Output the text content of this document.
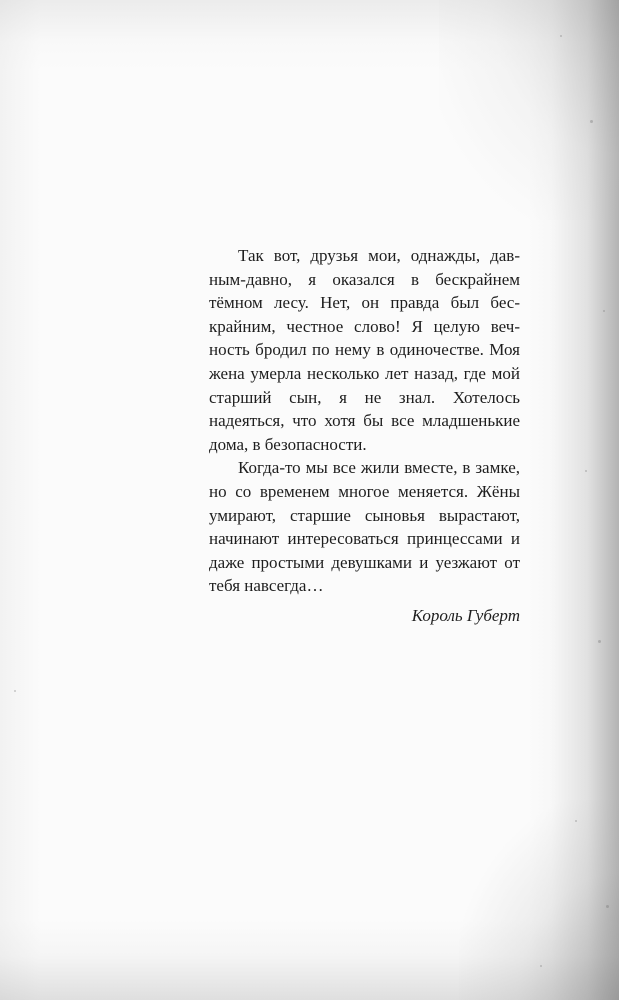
Так вот, друзья мои, однажды, давным-давно, я оказался в бескрайнем тёмном лесу. Нет, он правда был бескрайним, честное слово! Я целую вечность бродил по нему в одиночестве. Моя жена умерла несколько лет назад, где мой старший сын, я не знал. Хотелось надеяться, что хотя бы все младшенькие дома, в безопасности.

Когда-то мы все жили вместе, в замке, но со временем многое меняется. Жёны умирают, старшие сыновья вырастают, начинают интересоваться принцессами и даже простыми девушками и уезжают от тебя навсегда…

Король Губерт
